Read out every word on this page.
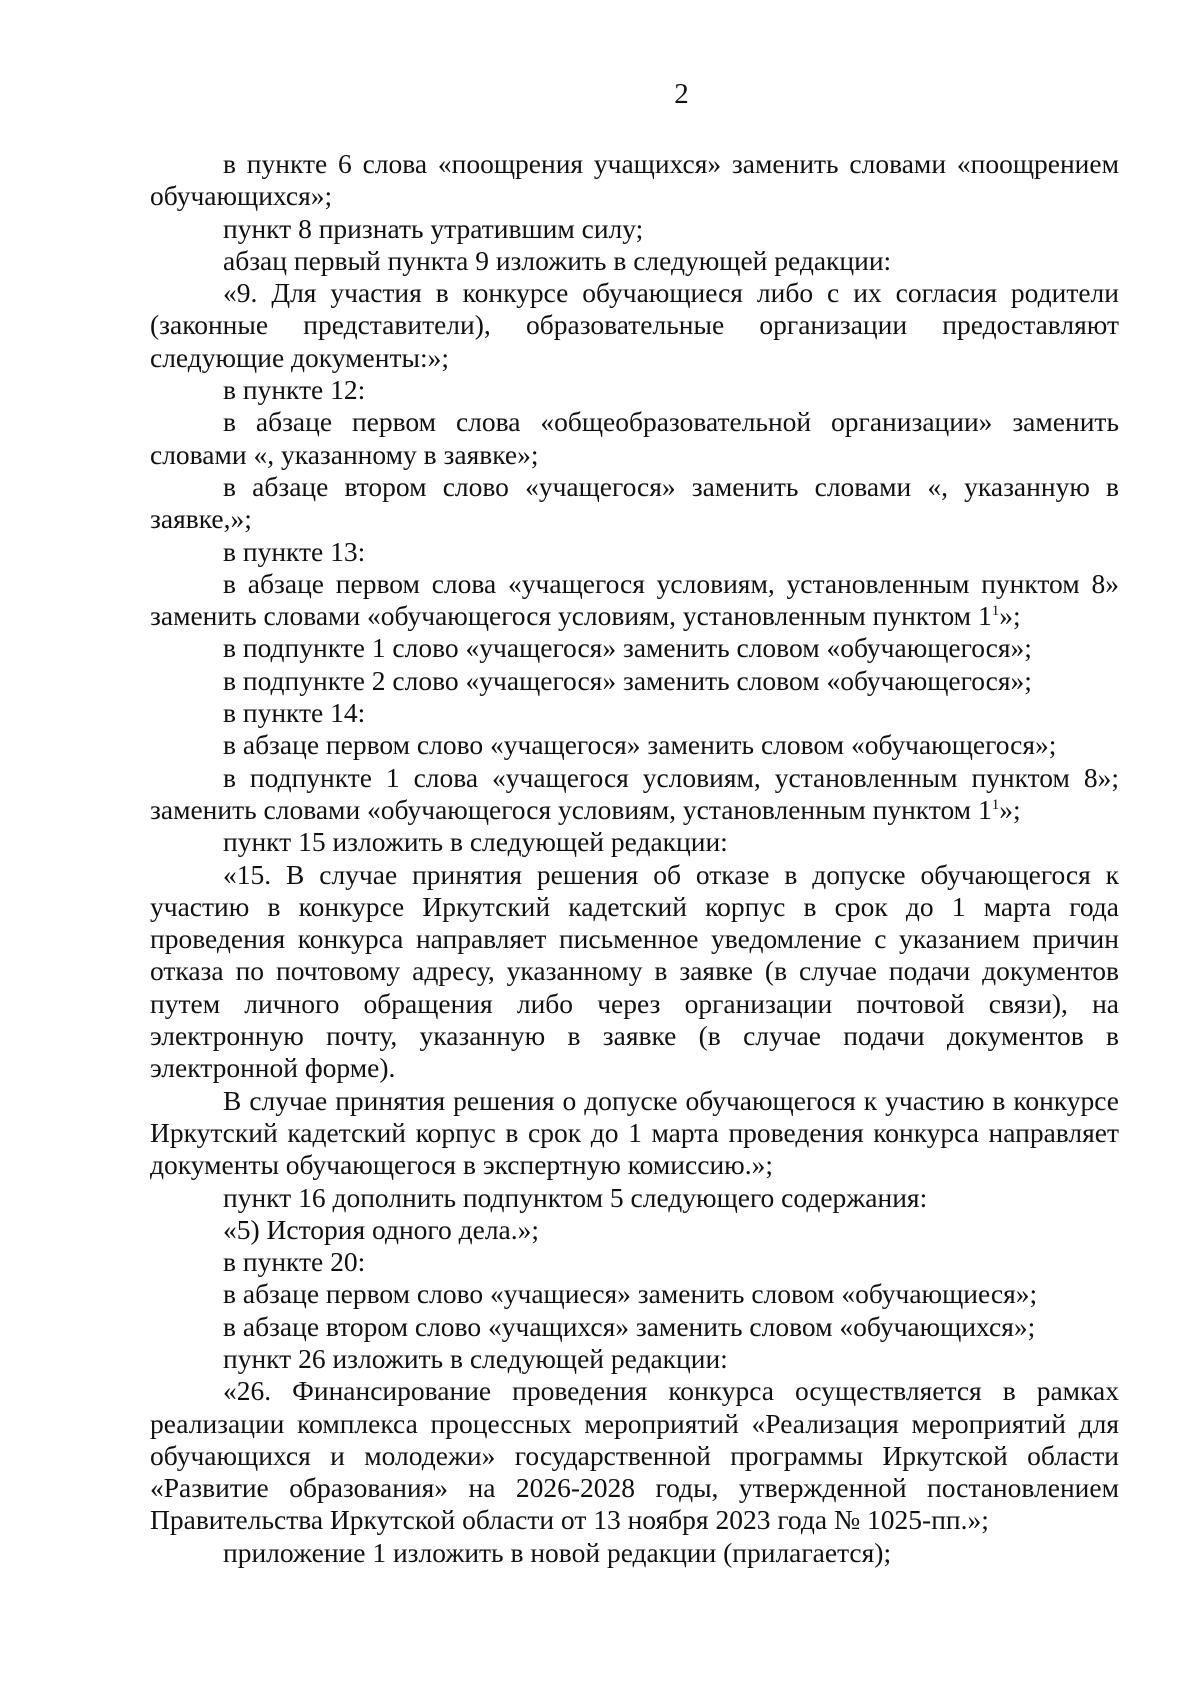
2

в пункте 6 слова «поощрения учащихся» заменить словами «поощрением обучающихся»;

пункт 8 признать утратившим силу;

абзац первый пункта 9 изложить в следующей редакции:

«9. Для участия в конкурсе обучающиеся либо с их согласия родители (законные представители), образовательные организации предоставляют следующие документы:»;

в пункте 12:

в абзаце первом слова «общеобразовательной организации» заменить словами «, указанному в заявке»;

в абзаце втором слово «учащегося» заменить словами «, указанную в заявке,»;

в пункте 13:

в абзаце первом слова «учащегося условиям, установленным пунктом 8» заменить словами «обучающегося условиям, установленным пунктом $1^1$»;

в подпункте 1 слово «учащегося» заменить словом «обучающегося»;

в подпункте 2 слово «учащегося» заменить словом «обучающегося»;

в пункте 14:

в абзаце первом слово «учащегося» заменить словом «обучающегося»;

в подпункте 1 слова «учащегося условиям, установленным пунктом 8»; заменить словами «обучающегося условиям, установленным пунктом $1^1$»;

пункт 15 изложить в следующей редакции:

«15. В случае принятия решения об отказе в допуске обучающегося к участию в конкурсе Иркутский кадетский корпус в срок до 1 марта года проведения конкурса направляет письменное уведомление с указанием причин отказа по почтовому адресу, указанному в заявке (в случае подачи документов путем личного обращения либо через организации почтовой связи), на электронную почту, указанную в заявке (в случае подачи документов в электронной форме).

В случае принятия решения о допуске обучающегося к участию в конкурсе Иркутский кадетский корпус в срок до 1 марта проведения конкурса направляет документы обучающегося в экспертную комиссию.»;

пункт 16 дополнить подпунктом 5 следующего содержания:

«5) История одного дела.»;

в пункте 20:

в абзаце первом слово «учащиеся» заменить словом «обучающиеся»;

в абзаце втором слово «учащихся» заменить словом «обучающихся»;

пункт 26 изложить в следующей редакции:

«26. Финансирование проведения конкурса осуществляется в рамках реализации комплекса процессных мероприятий «Реализация мероприятий для обучающихся и молодежи» государственной программы Иркутской области «Развитие образования» на 2026-2028 годы, утвержденной постановлением Правительства Иркутской области от 13 ноября 2023 года № 1025-пп.»;

приложение 1 изложить в новой редакции (прилагается);
